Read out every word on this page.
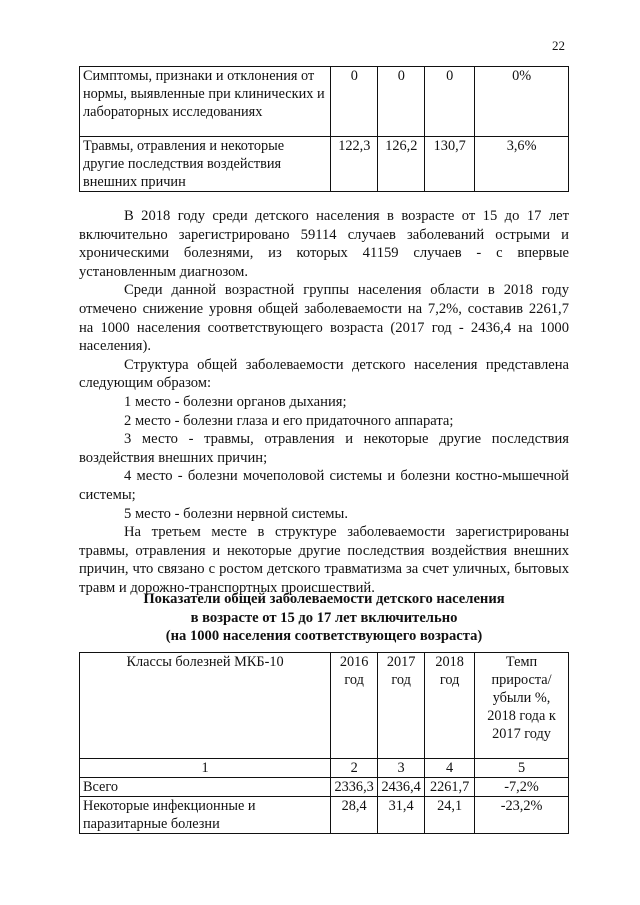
22
Симптомы, признаки и отклонения от нормы, выявленные при клинических и лабораторных исследованиях	0	0	0	0%
Травмы, отравления и некоторые другие последствия воздействия внешних причин	122,3	126,2	130,7	3,6%

В 2018 году среди детского населения в возрасте от 15 до 17 лет включительно зарегистрировано 59114 случаев заболеваний острыми и хроническими болезнями, из которых 41159 случаев - с впервые установленным диагнозом.

Среди данной возрастной группы населения области в 2018 году отмечено снижение уровня общей заболеваемости на 7,2%, составив 2261,7 на 1000 населения соответствующего возраста (2017 год - 2436,4 на 1000 населения).

Структура общей заболеваемости детского населения представлена следующим образом:

1 место - болезни органов дыхания;

2 место - болезни глаза и его придаточного аппарата;

3 место - травмы, отравления и некоторые другие последствия воздействия внешних причин;

4 место - болезни мочеполовой системы и болезни костно-мышечной системы;

5 место - болезни нервной системы.

На третьем месте в структуре заболеваемости зарегистрированы травмы, отравления и некоторые другие последствия воздействия внешних причин, что связано с ростом детского травматизма за счет уличных, бытовых травм и дорожно-транспортных происшествий.

Показатели общей заболеваемости детского населения
в возрасте от 15 до 17 лет включительно
(на 1000 населения соответствующего возраста)
Классы болезней МКБ-10	2016 год	2017 год	2018 год	Темп прироста/ убыли %, 2018 года к 2017 году
1	2	3	4	5
Всего	2336,3	2436,4	2261,7	-7,2%
Некоторые инфекционные и паразитарные болезни	28,4	31,4	24,1	-23,2%
